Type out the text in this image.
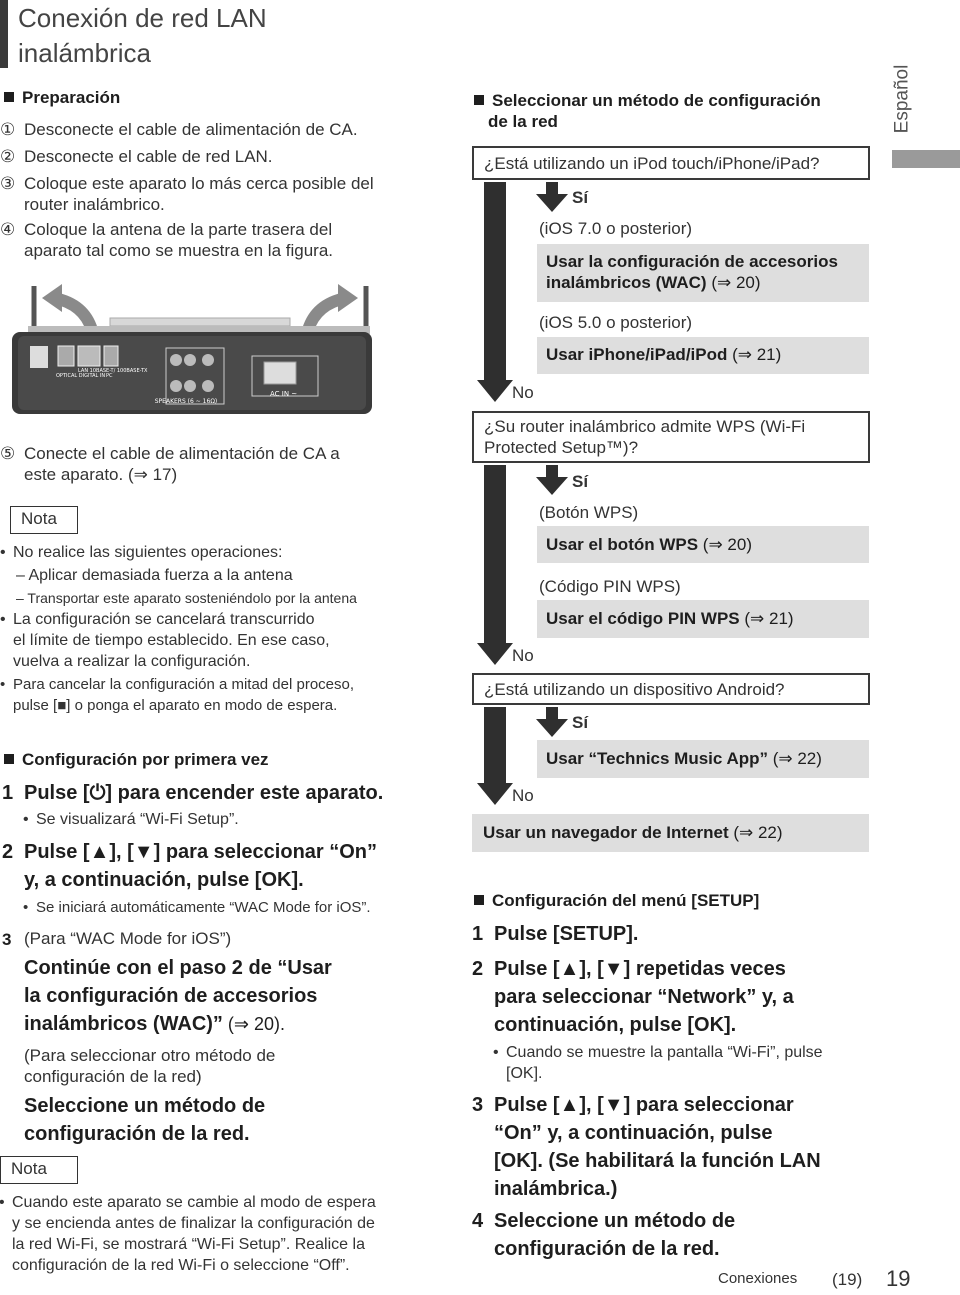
Conexión de red LAN
inalámbrica
Español
Preparación
① Desconecte el cable de alimentación de CA.
② Desconecte el cable de red LAN.
③ Coloque este aparato lo más cerca posible del
router inalámbrico.
④ Coloque la antena de la parte trasera del
aparato tal como se muestra en la figura.
OPTICAL DIGITAL IN
LAN 10BASE-T/ 100BASE-TX
PC
SPEAKERS (6 ~ 16Ω)
AC IN ~
⑤ Conecte el cable de alimentación de CA a
este aparato. (⇒ 17)
Nota
• No realice las siguientes operaciones:
– Aplicar demasiada fuerza a la antena
– Transportar este aparato sosteniéndolo por la antena
• La configuración se cancelará transcurrido
el límite de tiempo establecido. En ese caso,
vuelva a realizar la configuración.
• Para cancelar la configuración a mitad del proceso,
pulse [■] o ponga el aparato en modo de espera.
Configuración por primera vez
1 Pulse [⏻] para encender este aparato.
• Se visualizará “Wi-Fi Setup”.
2 Pulse [▲], [▼] para seleccionar “On”
y, a continuación, pulse [OK].
• Se iniciará automáticamente “WAC Mode for iOS”.
3 (Para “WAC Mode for iOS”)
Continúe con el paso 2 de “Usar
la configuración de accesorios
inalámbricos (WAC)” (⇒ 20).
(Para seleccionar otro método de
configuración de la red)
Seleccione un método de
configuración de la red.
Nota
• Cuando este aparato se cambie al modo de espera
y se encienda antes de finalizar la configuración de
la red Wi-Fi, se mostrará “Wi-Fi Setup”. Realice la
configuración de la red Wi-Fi o seleccione “Off”.
Seleccionar un método de configuración
de la red
¿Está utilizando un iPod touch/iPhone/iPad?
No
Sí
(iOS 7.0 o posterior)
Usar la configuración de accesorios
inalámbricos (WAC) (⇒ 20)
(iOS 5.0 o posterior)
Usar iPhone/iPad/iPod (⇒ 21)
¿Su router inalámbrico admite WPS (Wi-Fi
Protected Setup™)?
No
Sí
(Botón WPS)
Usar el botón WPS (⇒ 20)
(Código PIN WPS)
Usar el código PIN WPS (⇒ 21)
¿Está utilizando un dispositivo Android?
No
Sí
Usar “Technics Music App” (⇒ 22)
Usar un navegador de Internet (⇒ 22)
Configuración del menú [SETUP]
1 Pulse [SETUP].
2 Pulse [▲], [▼] repetidas veces
para seleccionar “Network” y, a
continuación, pulse [OK].
• Cuando se muestre la pantalla “Wi-Fi”, pulse
[OK].
3 Pulse [▲], [▼] para seleccionar
“On” y, a continuación, pulse
[OK]. (Se habilitará la función LAN
inalámbrica.)
4 Seleccione un método de
configuración de la red.
Conexiones (19) 19
